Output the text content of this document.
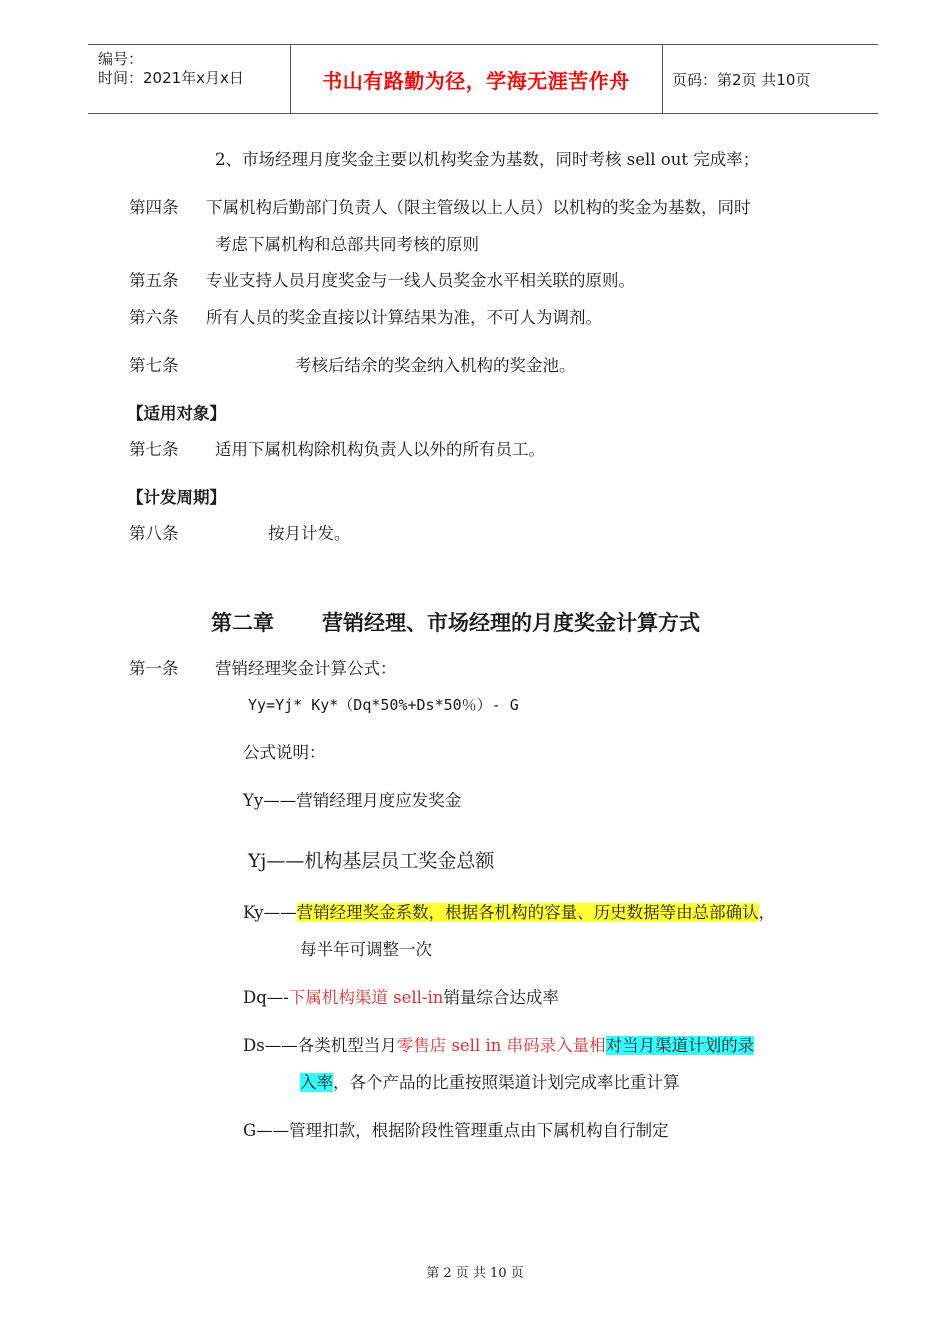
编号：
时间：2021年x月x日	书山有路勤为径，学海无涯苦作舟	页码：第2页 共10页
2、市场经理月度奖金主要以机构奖金为基数，同时考核 sell out 完成率；
第四条 下属机构后勤部门负责人（限主管级以上人员）以机构的奖金为基数，同时
考虑下属机构和总部共同考核的原则
第五条 专业支持人员月度奖金与一线人员奖金水平相关联的原则。
第六条 所有人员的奖金直接以计算结果为准，不可人为调剂。
第七条	考核后结余的奖金纳入机构的奖金池。
【适用对象】
第七条 适用下属机构除机构负责人以外的所有员工。
【计发周期】
第八条	按月计发。
第二章 营销经理、市场经理的月度奖金计算方式
第一条 营销经理奖金计算公式：
Yy=Yj* Ky*（Dq*50%+Ds*50％）- G
公式说明：
Yy——营销经理月度应发奖金
Yj——机构基层员工奖金总额
Ky——营销经理奖金系数，根据各机构的容量、历史数据等由总部确认，
每半年可调整一次
Dq—-下属机构渠道 sell-in销量综合达成率
Ds——各类机型当月零售店 sell in 串码录入量相对当月渠道计划的录
入率，各个产品的比重按照渠道计划完成率比重计算
G——管理扣款，根据阶段性管理重点由下属机构自行制定
第 2 页 共 10 页
